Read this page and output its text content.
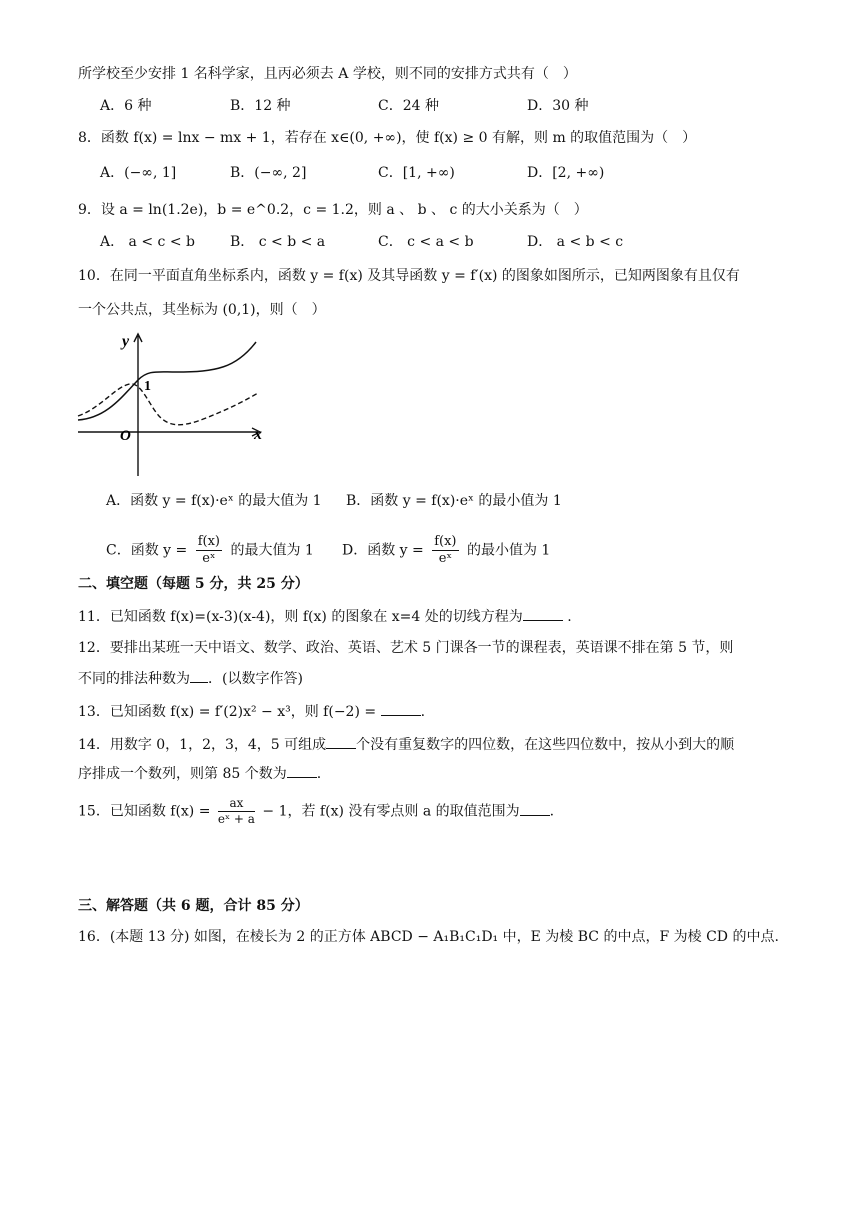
所学校至少安排 1 名科学家，且丙必须去 A 学校，则不同的安排方式共有（　）
A．6 种	B．12 种	C．24 种	D．30 种
8．函数 f(x) = lnx − mx + 1，若存在 x∈(0, +∞)，使 f(x) ≥ 0 有解，则 m 的取值范围为（　）
A．(−∞, 1]	B．(−∞, 2]	C．[1, +∞)	D．[2, +∞)
9．设 a = ln(1.2e)，b = e^0.2，c = 1.2，则 a 、 b 、 c 的大小关系为（　）
A． a < c < b	B． c < b < a	C． c < a < b	D． a < b < c
10．在同一平面直角坐标系内，函数 y = f(x) 及其导函数 y = f′(x) 的图象如图所示，已知两图象有且仅有
一个公共点，其坐标为 (0,1)，则（　）
y
x
O
1
A．函数 y = f(x)·eˣ 的最大值为 1 B．函数 y = f(x)·eˣ 的最小值为 1
C．函数 $y = \frac{f(x)}{\text{eˣ}}$ 的最大值为 1 D．函数 $y = \frac{f(x)}{\text{eˣ}}$ 的最小值为 1
二、填空题（每题 5 分，共 25 分）
11．已知函数 f(x)=(x-3)(x-4)，则 f(x) 的图象在 x=4 处的切线方程为	.
12．要排出某班一天中语文、数学、政治、英语、艺术 5 门课各一节的课程表，英语课不排在第 5 节，则
不同的排法种数为 ．(以数字作答)
13．已知函数 f(x) = f′(2)x² − x³，则 f(−2) =	.
14．用数字 0，1，2，3，4，5 可组成 个没有重复数字的四位数，在这些四位数中，按从小到大的顺
序排成一个数列，则第 85 个数为 .
15．已知函数 $f(x) = \frac{ax}{\text{eˣ + a}} - 1$，若 f(x) 没有零点则 a 的取值范围为 .
三、解答题（共 6 题，合计 85 分）
16．(本题 13 分) 如图，在棱长为 2 的正方体 ABCD − A₁B₁C₁D₁ 中，E 为棱 BC 的中点，F 为棱 CD 的中点.
